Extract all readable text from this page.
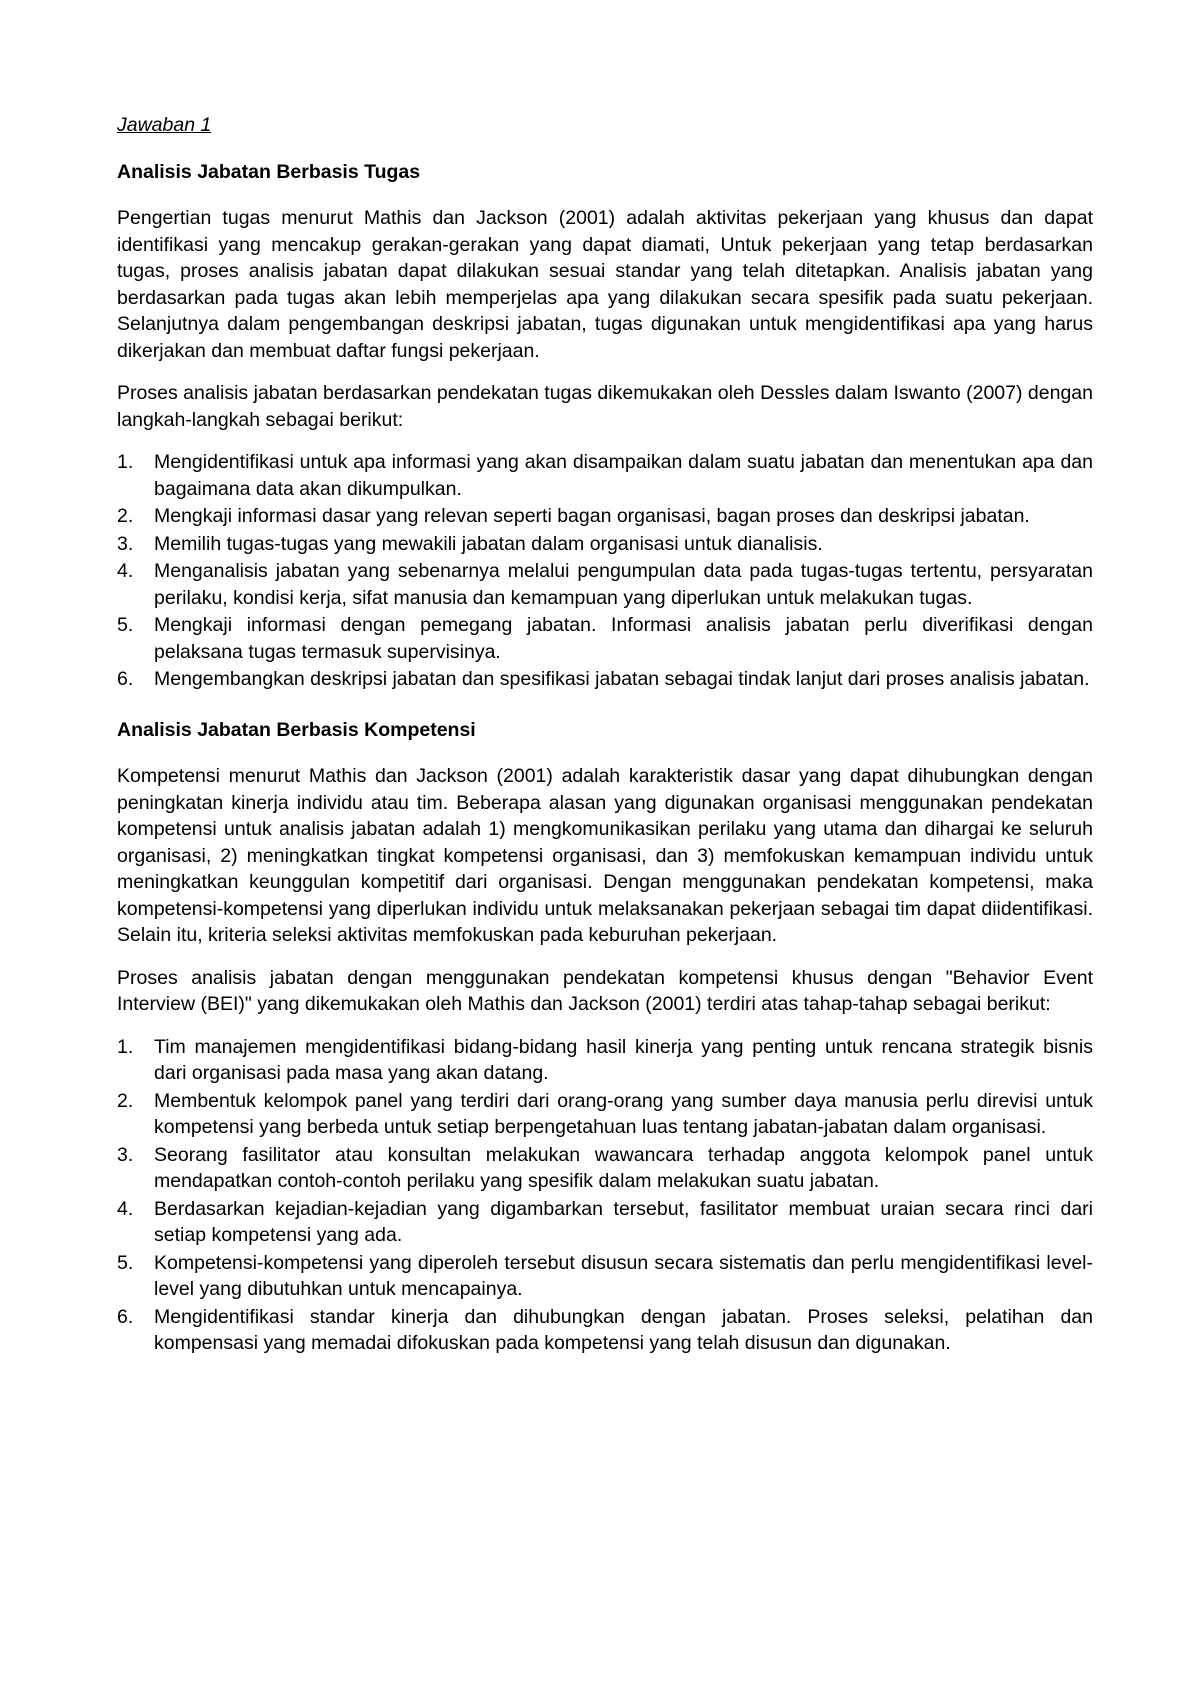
Jawaban 1
Analisis Jabatan Berbasis Tugas

Pengertian tugas menurut Mathis dan Jackson (2001) adalah aktivitas pekerjaan yang khusus dan dapat identifikasi yang mencakup gerakan-gerakan yang dapat diamati, Untuk pekerjaan yang tetap berdasarkan tugas, proses analisis jabatan dapat dilakukan sesuai standar yang telah ditetapkan. Analisis jabatan yang berdasarkan pada tugas akan lebih memperjelas apa yang dilakukan secara spesifik pada suatu pekerjaan. Selanjutnya dalam pengembangan deskripsi jabatan, tugas digunakan untuk mengidentifikasi apa yang harus dikerjakan dan membuat daftar fungsi pekerjaan.

Proses analisis jabatan berdasarkan pendekatan tugas dikemukakan oleh Dessles dalam Iswanto (2007) dengan langkah-langkah sebagai berikut:

1.	Mengidentifikasi untuk apa informasi yang akan disampaikan dalam suatu jabatan dan menentukan apa dan bagaimana data akan dikumpulkan.
2.	Mengkaji informasi dasar yang relevan seperti bagan organisasi, bagan proses dan deskripsi jabatan.
3.	Memilih tugas-tugas yang mewakili jabatan dalam organisasi untuk dianalisis.
4.	Menganalisis jabatan yang sebenarnya melalui pengumpulan data pada tugas-tugas tertentu, persyaratan perilaku, kondisi kerja, sifat manusia dan kemampuan yang diperlukan untuk melakukan tugas.
5.	Mengkaji informasi dengan pemegang jabatan. Informasi analisis jabatan perlu diverifikasi dengan pelaksana tugas termasuk supervisinya.
6.	Mengembangkan deskripsi jabatan dan spesifikasi jabatan sebagai tindak lanjut dari proses analisis jabatan.
Analisis Jabatan Berbasis Kompetensi

Kompetensi menurut Mathis dan Jackson (2001) adalah karakteristik dasar yang dapat dihubungkan dengan peningkatan kinerja individu atau tim. Beberapa alasan yang digunakan organisasi menggunakan pendekatan kompetensi untuk analisis jabatan adalah 1) mengkomunikasikan perilaku yang utama dan dihargai ke seluruh organisasi, 2) meningkatkan tingkat kompetensi organisasi, dan 3) memfokuskan kemampuan individu untuk meningkatkan keunggulan kompetitif dari organisasi. Dengan menggunakan pendekatan kompetensi, maka kompetensi-kompetensi yang diperlukan individu untuk melaksanakan pekerjaan sebagai tim dapat diidentifikasi. Selain itu, kriteria seleksi aktivitas memfokuskan pada keburuhan pekerjaan.

Proses analisis jabatan dengan menggunakan pendekatan kompetensi khusus dengan "Behavior Event Interview (BEI)" yang dikemukakan oleh Mathis dan Jackson (2001) terdiri atas tahap-tahap sebagai berikut:

1.	Tim manajemen mengidentifikasi bidang-bidang hasil kinerja yang penting untuk rencana strategik bisnis dari organisasi pada masa yang akan datang.
2.	Membentuk kelompok panel yang terdiri dari orang-orang yang sumber daya manusia perlu direvisi untuk kompetensi yang berbeda untuk setiap berpengetahuan luas tentang jabatan-jabatan dalam organisasi.
3.	Seorang fasilitator atau konsultan melakukan wawancara terhadap anggota kelompok panel untuk mendapatkan contoh-contoh perilaku yang spesifik dalam melakukan suatu jabatan.
4.	Berdasarkan kejadian-kejadian yang digambarkan tersebut, fasilitator membuat uraian secara rinci dari setiap kompetensi yang ada.
5.	Kompetensi-kompetensi yang diperoleh tersebut disusun secara sistematis dan perlu mengidentifikasi level-level yang dibutuhkan untuk mencapainya.
6.	Mengidentifikasi standar kinerja dan dihubungkan dengan jabatan. Proses seleksi, pelatihan dan kompensasi yang memadai difokuskan pada kompetensi yang telah disusun dan digunakan.
